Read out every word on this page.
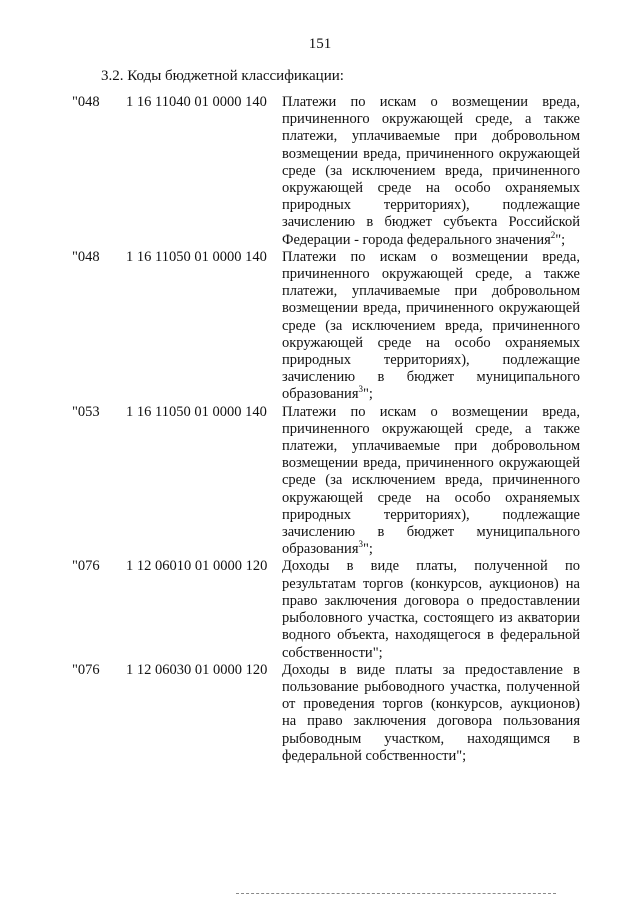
151
3.2. Коды бюджетной классификации:
"048	1 16 11040 01 0000 140	Платежи по искам о возмещении вреда, причиненного окружающей среде, а также платежи, уплачиваемые при добровольном возмещении вреда, причиненного окружающей среде (за исключением вреда, причиненного окружающей среде на особо охраняемых природных территориях), подлежащие зачислению в бюджет субъекта Российской Федерации - города федерального значения$^2$";
"048	1 16 11050 01 0000 140	Платежи по искам о возмещении вреда, причиненного окружающей среде, а также платежи, уплачиваемые при добровольном возмещении вреда, причиненного окружающей среде (за исключением вреда, причиненного окружающей среде на особо охраняемых природных территориях), подлежащие зачислению в бюджет муниципального образования$^3$";
"053	1 16 11050 01 0000 140	Платежи по искам о возмещении вреда, причиненного окружающей среде, а также платежи, уплачиваемые при добровольном возмещении вреда, причиненного окружающей среде (за исключением вреда, причиненного окружающей среде на особо охраняемых природных территориях), подлежащие зачислению в бюджет муниципального образования$^3$";
"076	1 12 06010 01 0000 120	Доходы в виде платы, полученной по результатам торгов (конкурсов, аукционов) на право заключения договора о предоставлении рыболовного участка, состоящего из акватории водного объекта, находящегося в федеральной собственности";
"076	1 12 06030 01 0000 120	Доходы в виде платы за предоставление в пользование рыбоводного участка, полученной от проведения торгов (конкурсов, аукционов) на право заключения договора пользования рыбоводным участком, находящимся в федеральной собственности";
